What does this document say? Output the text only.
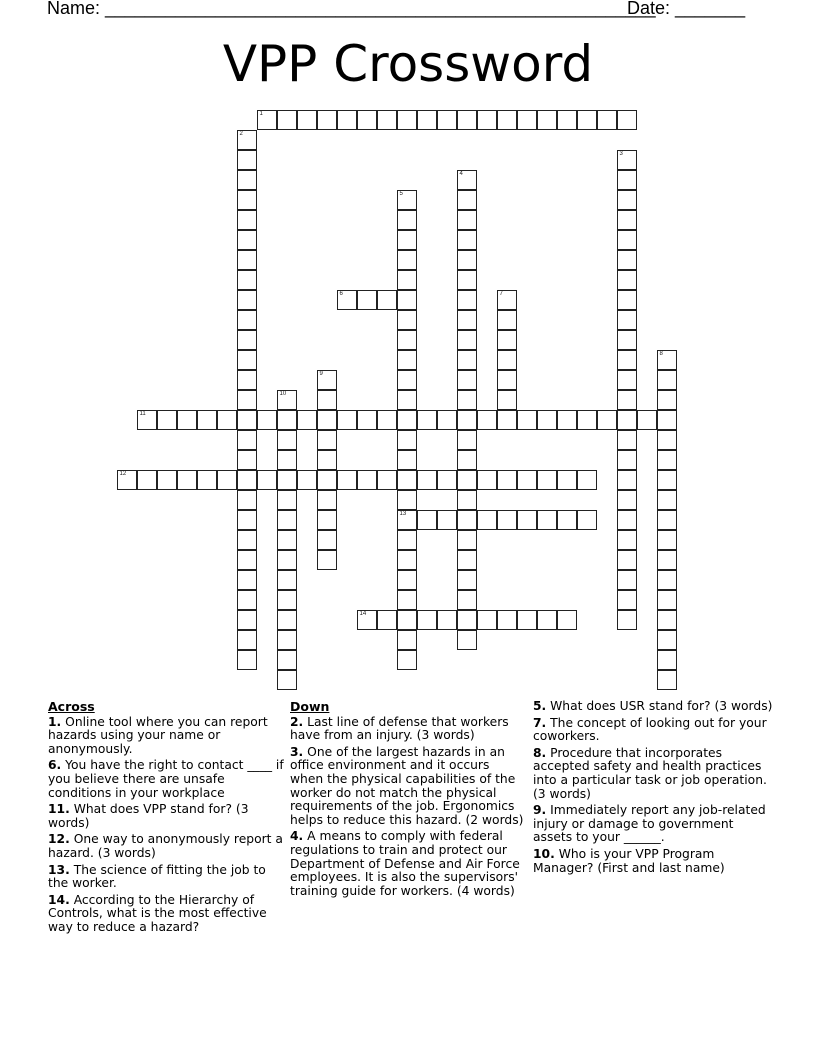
Name: _______________________________________________________
Date: _______
VPP Crossword
1
2
3
4
5
13
6	7
8
9
10
11
12
14
Across
1. Online tool where you can report hazards using your name or anonymously.
6. You have the right to contact ____ if you believe there are unsafe conditions in your workplace
11. What does VPP stand for? (3 words)
12. One way to anonymously report a hazard. (3 words)
13. The science of fitting the job to the worker.
14. According to the Hierarchy of Controls, what is the most effective way to reduce a hazard?
Down
2. Last line of defense that workers have from an injury. (3 words)
3. One of the largest hazards in an office environment and it occurs when the physical capabilities of the worker do not match the physical requirements of the job. Ergonomics helps to reduce this hazard. (2 words)
4. A means to comply with federal regulations to train and protect our Department of Defense and Air Force employees. It is also the supervisors' training guide for workers. (4 words)
5. What does USR stand for? (3 words)
7. The concept of looking out for your coworkers.
8. Procedure that incorporates accepted safety and health practices into a particular task or job operation. (3 words)
9. Immediately report any job-related injury or damage to government assets to your ______.
10. Who is your VPP Program Manager? (First and last name)
